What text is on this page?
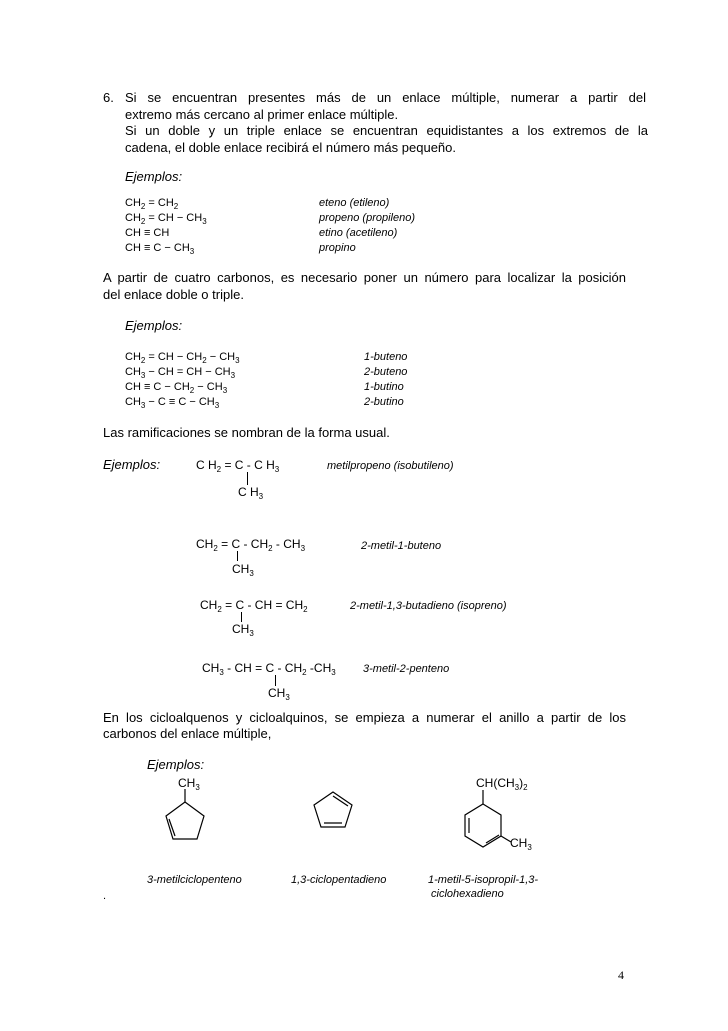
6. Si se encuentran presentes más de un enlace múltiple, numerar a partir del
extremo más cercano al primer enlace múltiple.
Si un doble y un triple enlace se encuentran equidistantes a los extremos de la
cadena, el doble enlace recibirá el número más pequeño.
Ejemplos:
$CH_2 = CH_2$	eteno (etileno)
$CH_2$ = CH − $CH_3$	propeno (propileno)
CH ≡ CH	etino (acetileno)
CH ≡ $C - CH_3$	propino
A partir de cuatro carbonos, es necesario poner un número para localizar la posición
del enlace doble o triple.
Ejemplos:
$CH_2$ = CH − $CH_2 - CH_3$	1-buteno
$CH_3$ − CH = CH − $CH_3$	2-buteno
CH ≡ $C - CH_2 - CH_3$	1-butino
$CH_3 - C \equiv C - CH_3$	2-butino
Las ramificaciones se nombran de la forma usual.
Ejemplos:	C $H_2 = C - C$ $H_3$
C $H_3$
metilpropeno (isobutileno)
$CH_2 = C - CH_2 - CH_3$
$CH_3$
2-metil-1-buteno
$CH_2 = C$ - CH = $CH_2$
$CH_3$
2-metil-1,3-butadieno (isopreno)
$CH_3$ - CH = C - $CH_2$ $-CH_3$
$CH_3$
3-metil-2-penteno
En los cicloalquenos y cicloalquinos, se empieza a numerar el anillo a partir de los
carbonos del enlace múltiple,
Ejemplos:
$CH_3$	$CH(CH_3)_2$
$CH_3$
3-metilciclopenteno	1,3-ciclopentadieno	1-metil-5-isopropil-1,3-
ciclohexadieno
.
4
